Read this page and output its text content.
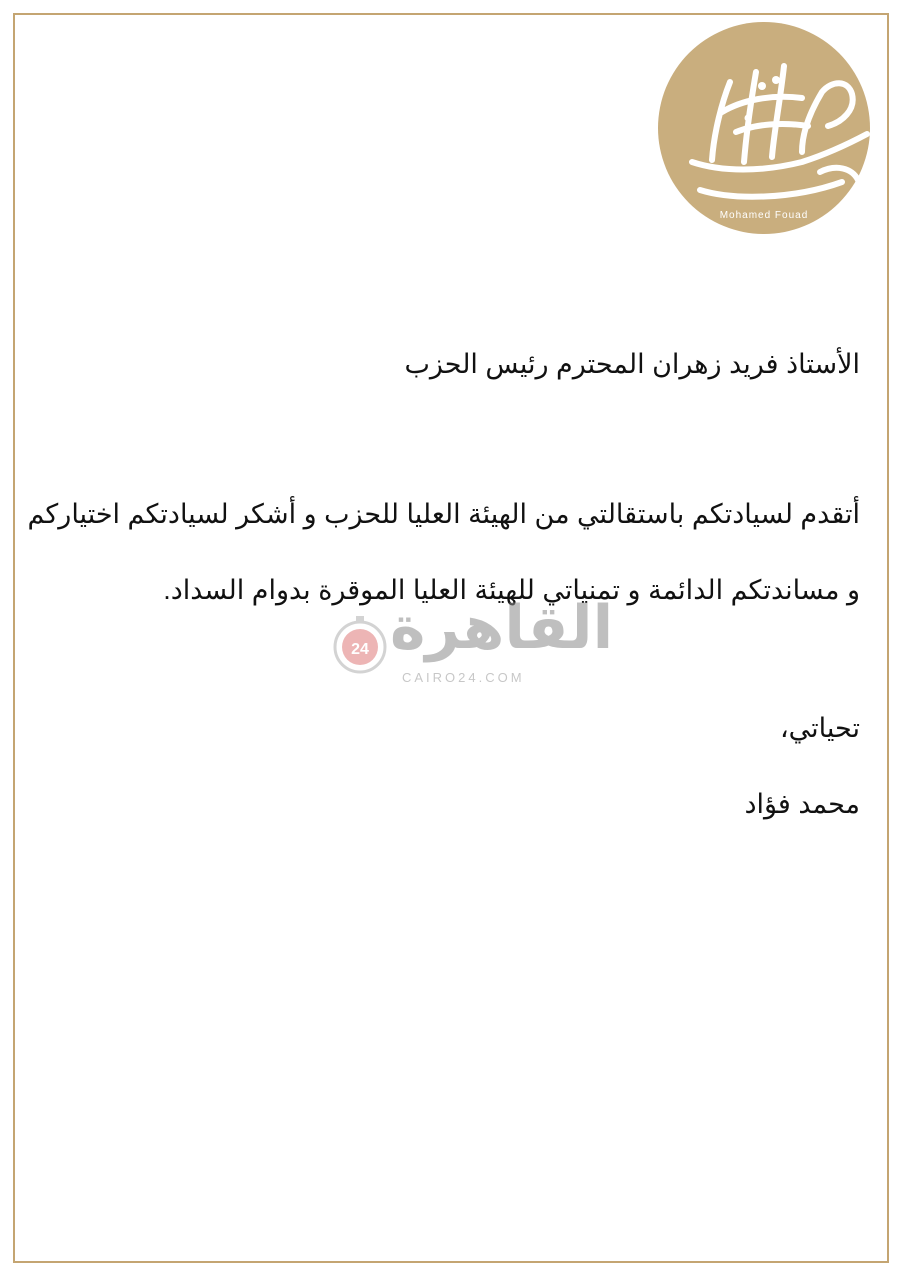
Mohamed Fouad
الأستاذ فريد زهران المحترم رئيس الحزب
أتقدم لسيادتكم باستقالتي من الهيئة العليا للحزب و أشكر لسيادتكم اختياركم
و مساندتكم الدائمة و تمنياتي للهيئة العليا الموقرة بدوام السداد.
تحياتي،
محمد فؤاد
24 القاهرة
CAIRO24.COM
